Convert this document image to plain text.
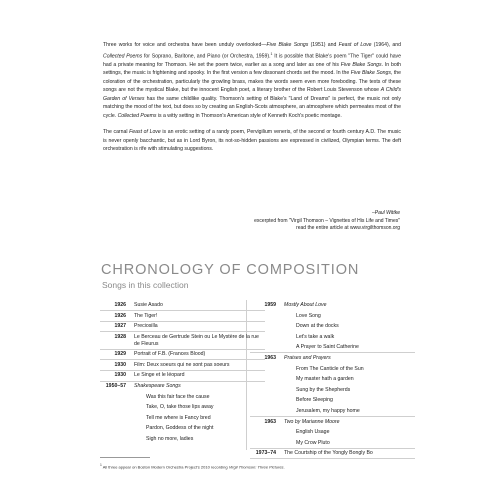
Three works for voice and orchestra have been unduly overlooked—Five Blake Songs (1951) and Feast of Love (1964), and Collected Poems for Soprano, Baritone, and Piano (or Orchestra, 1959).$^1$ It is possible that Blake's poem "The Tiger" could have had a private meaning for Thomson. He set the poem twice, earlier as a song and later as one of his Five Blake Songs. In both settings, the music is frightening and spooky. In the first version a few dissonant chords set the mood. In the Five Blake Songs, the coloration of the orchestration, particularly the growling brass, makes the words seem even more foreboding. The texts of these songs are not the mystical Blake, but the innocent English poet, a literary brother of the Robert Louis Stevenson whose A Child's Garden of Verses has the same childlike quality. Thomson's setting of Blake's "Land of Dreams" is perfect, the music not only matching the mood of the text, but does so by creating an English-Scots atmosphere, an atmosphere which permeates most of the cycle. Collected Poems is a witty setting in Thomson's American style of Kenneth Koch's poetic montage.

The carnal Feast of Love is an erotic setting of a randy poem, Pervigilium veneris, of the second or fourth century A.D. The music is never openly bacchantic, but as in Lord Byron, its not-so-hidden passions are expressed in civilized, Olympian terms. The deft orchestration is rife with stimulating suggestions.

–Paul Wittke
excerpted from "Virgil Thomson – Vignettes of His Life and Times"
read the entire article at www.virgilthomson.org
CHRONOLOGY OF COMPOSITION
Songs in this collection
1926 Susie Asado
1926 The Tiger!
1927 Preciosilla
1928 Le Berceau de Gertrude Stein ou Le Mystère de la rue de Fleurus
1929 Portrait of F.B. (Frances Blood)
1930 Film: Deux soeurs qui ne sont pas soeurs
1930 Le Singe et le léopard
1950–57 Shakespeare Songs
Was this fair face the cause
Take, O, take those lips away
Tell me where is Fancy bred
Pardon, Goddess of the night
Sigh no more, ladies
1959 Mostly About Love
Love Song
Down at the docks
Let's take a walk
A Prayer to Saint Catherine
1963 Praises and Prayers
From The Canticle of the Sun
My master hath a garden
Sung by the Shepherds
Before Sleeping
Jerusalem, my happy home
1963 Two by Marianne Moore
English Usage
My Crow Pluto
1973–74 The Courtship of the Yongly Bongly Bo
$^1$ All three appear on Boston Modern Orchestra Project's 2010 recording Virgil Thomson: Three Pictures.
